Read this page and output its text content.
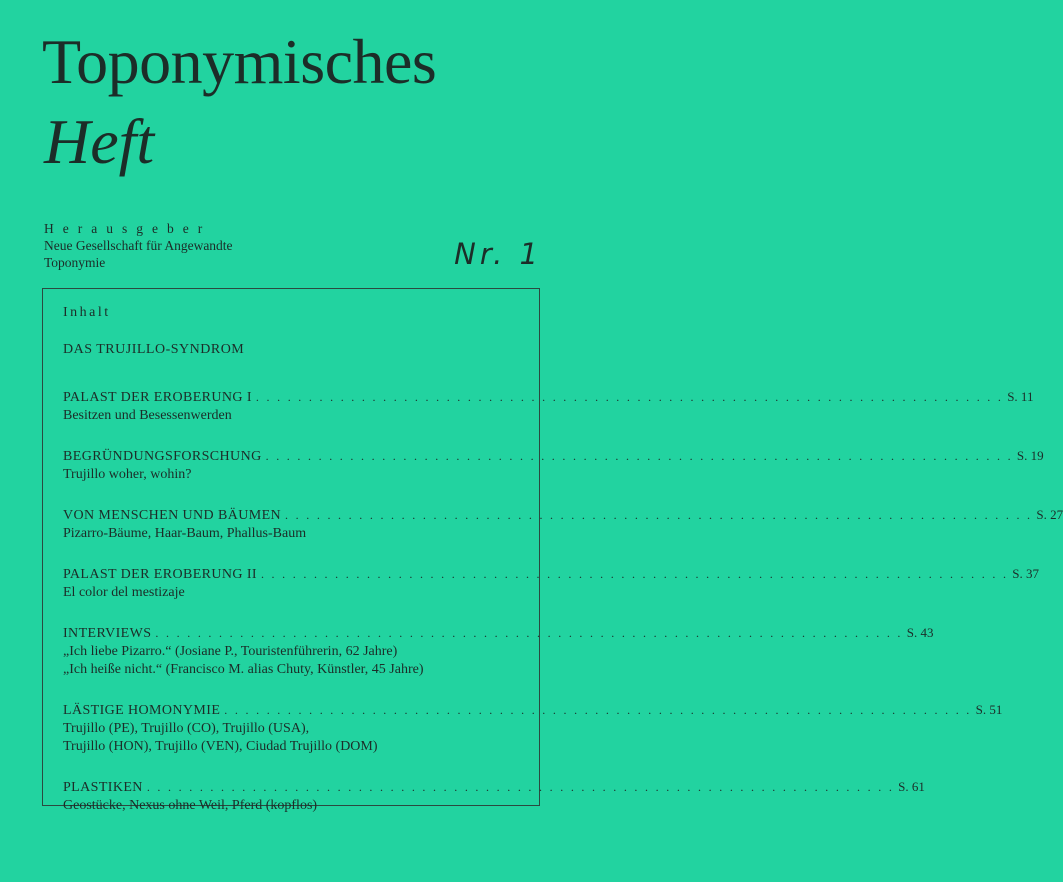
Toponymisches
Heft
Herausgeber
Neue Gesellschaft für Angewandte
Toponymie	Nr. 1
Inhalt
DAS TRUJILLO-SYNDROM
PALAST DER EROBERUNG I . . . . . . . . . . . . . . . . . . . . . . . . . . . . . . . . . . . . . . . . . . . . . . . . . . . . . . . . . . . . . . . . . . . . . . . S. 11
Besitzen und Besessenwerden
BEGRÜNDUNGSFORSCHUNG . . . . . . . . . . . . . . . . . . . . . . . . . . . . . . . . . . . . . . . . . . . . . . . . . . . . . . . . . . . . . . . . . . . . . . . S. 19
Trujillo woher, wohin?
VON MENSCHEN UND BÄUMEN . . . . . . . . . . . . . . . . . . . . . . . . . . . . . . . . . . . . . . . . . . . . . . . . . . . . . . . . . . . . . . . . . . . . . . . S. 27
Pizarro-Bäume, Haar-Baum, Phallus-Baum
PALAST DER EROBERUNG II . . . . . . . . . . . . . . . . . . . . . . . . . . . . . . . . . . . . . . . . . . . . . . . . . . . . . . . . . . . . . . . . . . . . . . . S. 37
El color del mestizaje
INTERVIEWS . . . . . . . . . . . . . . . . . . . . . . . . . . . . . . . . . . . . . . . . . . . . . . . . . . . . . . . . . . . . . . . . . . . . . . . S. 43
„Ich liebe Pizarro.“ (Josiane P., Touristenführerin, 62 Jahre)
„Ich heiße nicht.“ (Francisco M. alias Chuty, Künstler, 45 Jahre)
LÄSTIGE HOMONYMIE . . . . . . . . . . . . . . . . . . . . . . . . . . . . . . . . . . . . . . . . . . . . . . . . . . . . . . . . . . . . . . . . . . . . . . . S. 51
Trujillo (PE), Trujillo (CO), Trujillo (USA),
Trujillo (HON), Trujillo (VEN), Ciudad Trujillo (DOM)
PLASTIKEN . . . . . . . . . . . . . . . . . . . . . . . . . . . . . . . . . . . . . . . . . . . . . . . . . . . . . . . . . . . . . . . . . . . . . . . S. 61
Geostücke, Nexus ohne Weil, Pferd (kopflos)
